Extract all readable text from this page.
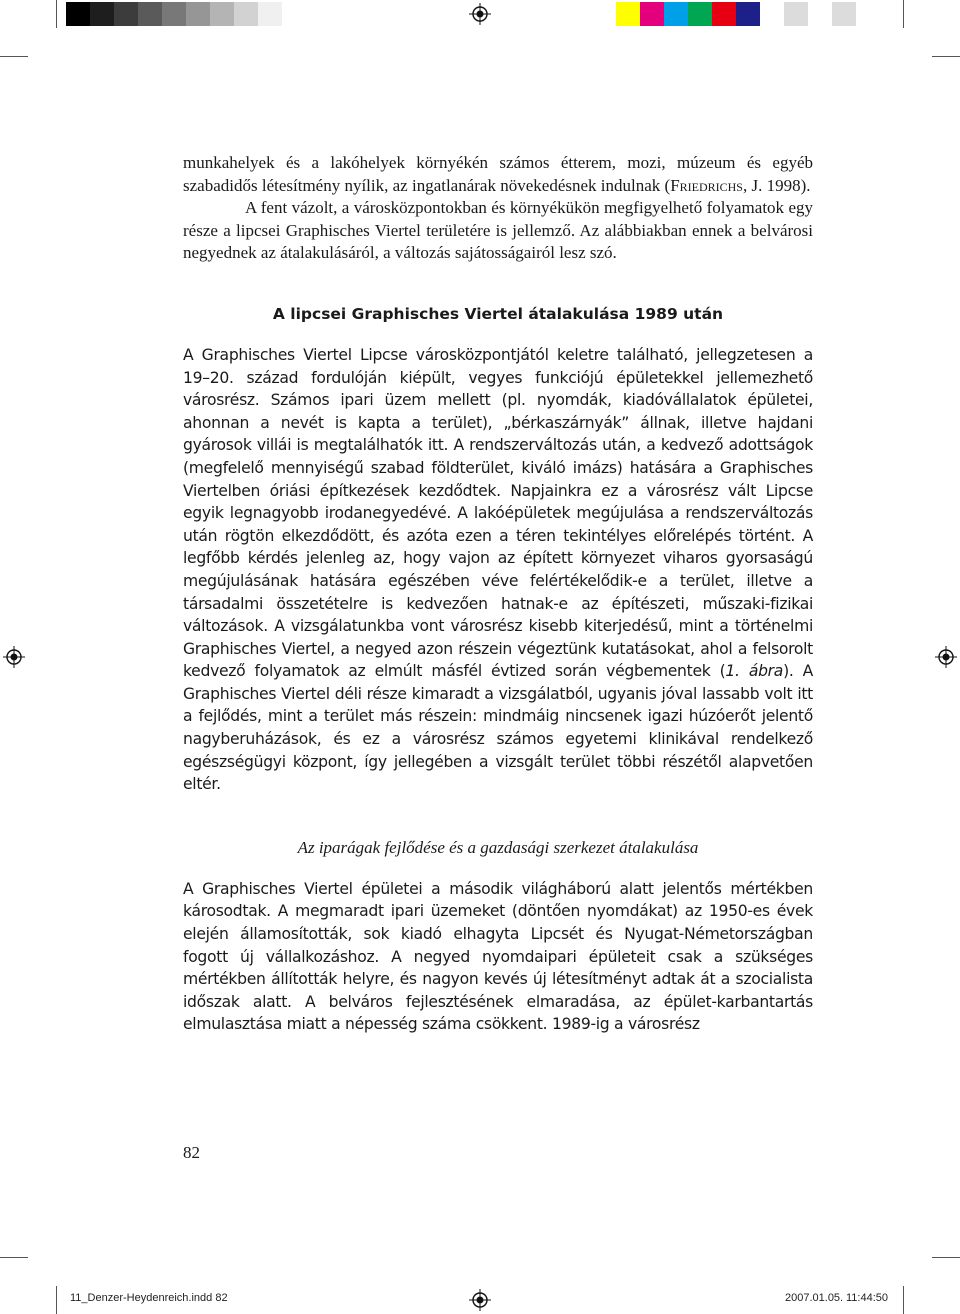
munkahelyek és a lakóhelyek környékén számos étterem, mozi, múzeum és egyéb szabadidős létesítmény nyílik, az ingatlanárak növekedésnek indulnak (Friedrichs, J. 1998).

A fent vázolt, a városközpontokban és környékükön megfigyelhető folyamatok egy része a lipcsei Graphisches Viertel területére is jellemző. Az alábbiakban ennek a belvárosi negyednek az átalakulásáról, a változás sajátosságairól lesz szó.

A lipcsei Graphisches Viertel átalakulása 1989 után

A Graphisches Viertel Lipcse városközpontjától keletre található, jellegzetesen a 19–20. század fordulóján kiépült, vegyes funkciójú épületekkel jellemezhető városrész. Számos ipari üzem mellett (pl. nyomdák, kiadóvállalatok épületei, ahonnan a nevét is kapta a terület), „bérkaszárnyák” állnak, illetve hajdani gyárosok villái is megtalálhatók itt. A rendszerváltozás után, a kedvező adottságok (megfelelő mennyiségű szabad földterület, kiváló imázs) hatására a Graphisches Viertelben óriási építkezések kezdődtek. Napjainkra ez a városrész vált Lipcse egyik legnagyobb irodanegyedévé. A lakóépületek megújulása a rendszerváltozás után rögtön elkezdődött, és azóta ezen a téren tekintélyes előrelépés történt. A legfőbb kérdés jelenleg az, hogy vajon az épített környezet viharos gyorsaságú megújulásának hatására egészében véve felértékelődik-e a terület, illetve a társadalmi összetételre is kedvezően hatnak-e az építészeti, műszaki-fizikai változások. A vizsgálatunkba vont városrész kisebb kiterjedésű, mint a történelmi Graphisches Viertel, a negyed azon részein végeztünk kutatásokat, ahol a felsorolt kedvező folyamatok az elmúlt másfél évtized során végbementek (1. ábra). A Graphisches Viertel déli része kimaradt a vizsgálatból, ugyanis jóval lassabb volt itt a fejlődés, mint a terület más részein: mindmáig nincsenek igazi húzóerőt jelentő nagyberuházások, és ez a városrész számos egyetemi klinikával rendelkező egészségügyi központ, így jellegében a vizsgált terület többi részétől alapvetően eltér.

Az iparágak fejlődése és a gazdasági szerkezet átalakulása

A Graphisches Viertel épületei a második világháború alatt jelentős mértékben károsodtak. A megmaradt ipari üzemeket (döntően nyomdákat) az 1950-es évek elején államosították, sok kiadó elhagyta Lipcsét és Nyugat-Németországban fogott új vállalkozáshoz. A negyed nyomdaipari épületeit csak a szükséges mértékben állították helyre, és nagyon kevés új létesítményt adtak át a szocialista időszak alatt. A belváros fejlesztésének elmaradása, az épület-karbantartás elmulasztása miatt a népesség száma csökkent. 1989-ig a városrész

82
11_Denzer-Heydenreich.indd 82	2007.01.05. 11:44:50
